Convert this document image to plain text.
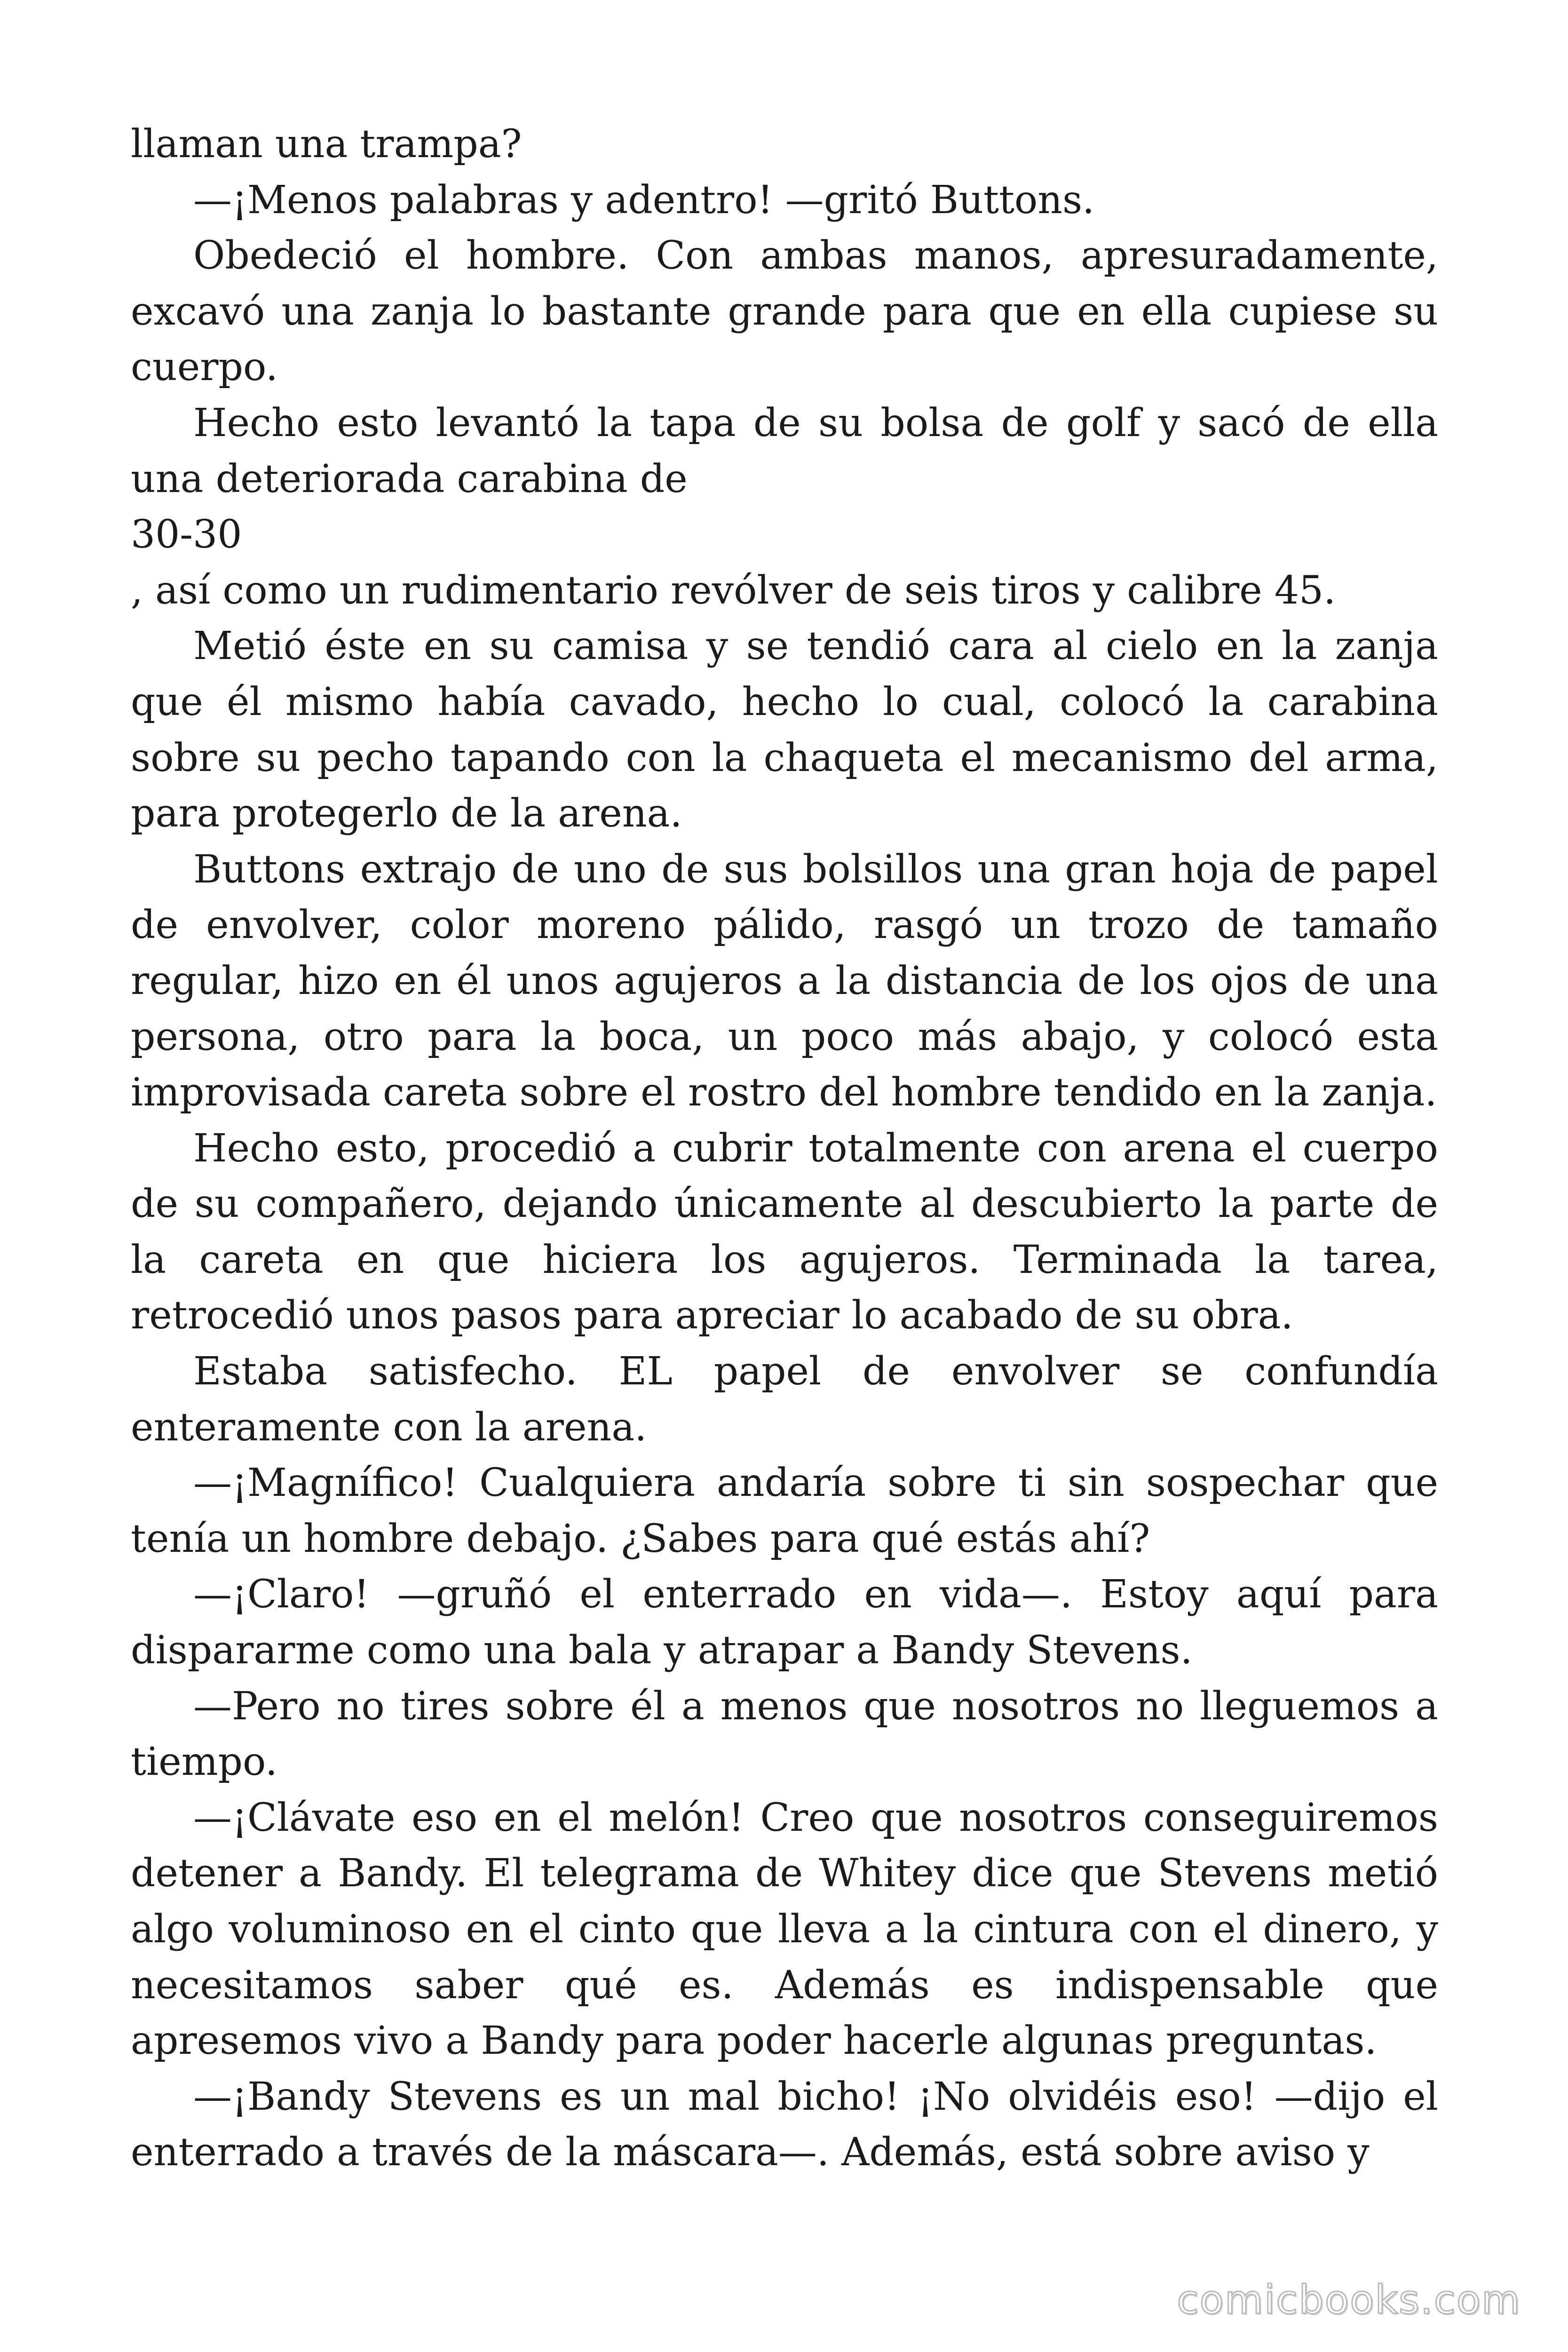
llaman una trampa?

—¡Menos palabras y adentro! —gritó Buttons.

Obedeció el hombre. Con ambas manos, apresuradamente, excavó una zanja lo bastante grande para que en ella cupiese su cuerpo.

Hecho esto levantó la tapa de su bolsa de golf y sacó de ella una deteriorada carabina de

30-30

, así como un rudimentario revólver de seis tiros y calibre 45.

Metió éste en su camisa y se tendió cara al cielo en la zanja que él mismo había cavado, hecho lo cual, colocó la carabina sobre su pecho tapando con la chaqueta el mecanismo del arma, para protegerlo de la arena.

Buttons extrajo de uno de sus bolsillos una gran hoja de papel de envolver, color moreno pálido, rasgó un trozo de tamaño regular, hizo en él unos agujeros a la distancia de los ojos de una persona, otro para la boca, un poco más abajo, y colocó esta improvisada careta sobre el rostro del hombre tendido en la zanja.

Hecho esto, procedió a cubrir totalmente con arena el cuerpo de su compañero, dejando únicamente al descubierto la parte de la careta en que hiciera los agujeros. Terminada la tarea, retrocedió unos pasos para apreciar lo acabado de su obra.

Estaba satisfecho. EL papel de envolver se confundía enteramente con la arena.

—¡Magnífico! Cualquiera andaría sobre ti sin sospechar que tenía un hombre debajo. ¿Sabes para qué estás ahí?

—¡Claro! —gruñó el enterrado en vida—. Estoy aquí para dispararme como una bala y atrapar a Bandy Stevens.

—Pero no tires sobre él a menos que nosotros no lleguemos a tiempo.

—¡Clávate eso en el melón! Creo que nosotros conseguiremos detener a Bandy. El telegrama de Whitey dice que Stevens metió algo voluminoso en el cinto que lleva a la cintura con el dinero, y necesitamos saber qué es. Además es indispensable que apresemos vivo a Bandy para poder hacerle algunas preguntas.

—¡Bandy Stevens es un mal bicho! ¡No olvidéis eso! —dijo el enterrado a través de la máscara—. Además, está sobre aviso y

comicbooks.com
